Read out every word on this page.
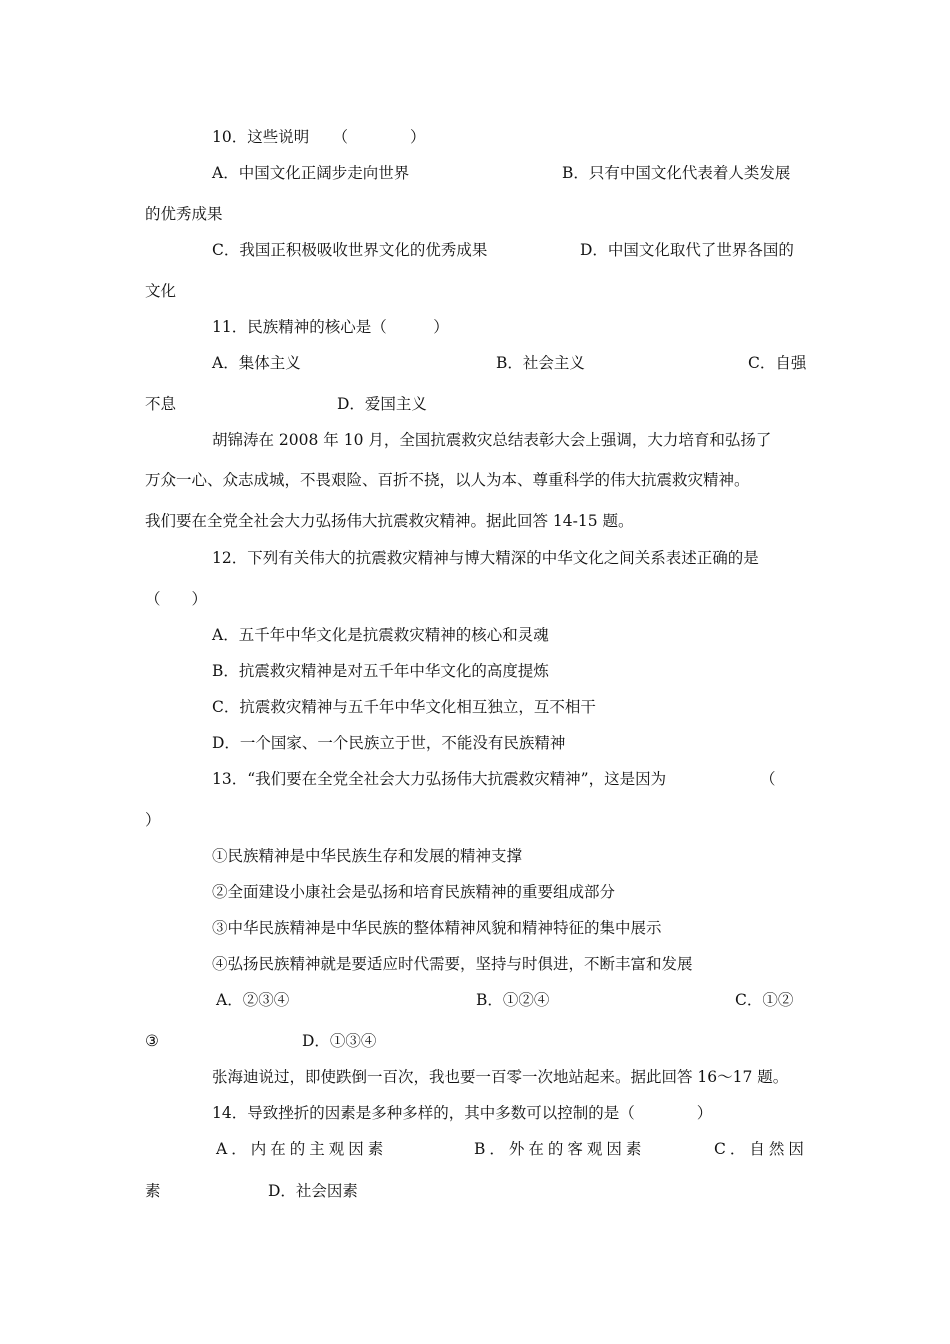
10．这些说明　　（　　　　）
A．中国文化正阔步走向世界	B．只有中国文化代表着人类发展
的优秀成果
C．我国正积极吸收世界文化的优秀成果	D．中国文化取代了世界各国的
文化
11．民族精神的核心是（　　　）
A．集体主义	B．社会主义	C．自强
不息	D．爱国主义
胡锦涛在 2008 年 10 月，全国抗震救灾总结表彰大会上强调，大力培育和弘扬了
万众一心、众志成城，不畏艰险、百折不挠，以人为本、尊重科学的伟大抗震救灾精神。
我们要在全党全社会大力弘扬伟大抗震救灾精神。据此回答 14-15 题。
12．下列有关伟大的抗震救灾精神与博大精深的中华文化之间关系表述正确的是
（　　）
A．五千年中华文化是抗震救灾精神的核心和灵魂
B．抗震救灾精神是对五千年中华文化的高度提炼
C．抗震救灾精神与五千年中华文化相互独立，互不相干
D．一个国家、一个民族立于世，不能没有民族精神
13．“我们要在全党全社会大力弘扬伟大抗震救灾精神”，这是因为	（
）
①民族精神是中华民族生存和发展的精神支撑
②全面建设小康社会是弘扬和培育民族精神的重要组成部分
③中华民族精神是中华民族的整体精神风貌和精神特征的集中展示
④弘扬民族精神就是要适应时代需要，坚持与时俱进，不断丰富和发展
A．②③④	B．①②④	C．①②
③	D．①③④
张海迪说过，即使跌倒一百次，我也要一百零一次地站起来。据此回答 16～17 题。
14．导致挫折的因素是多种多样的，其中多数可以控制的是（　　　　）
A．内在的主观因素	B．外在的客观因素	C．自然因
素	D．社会因素
